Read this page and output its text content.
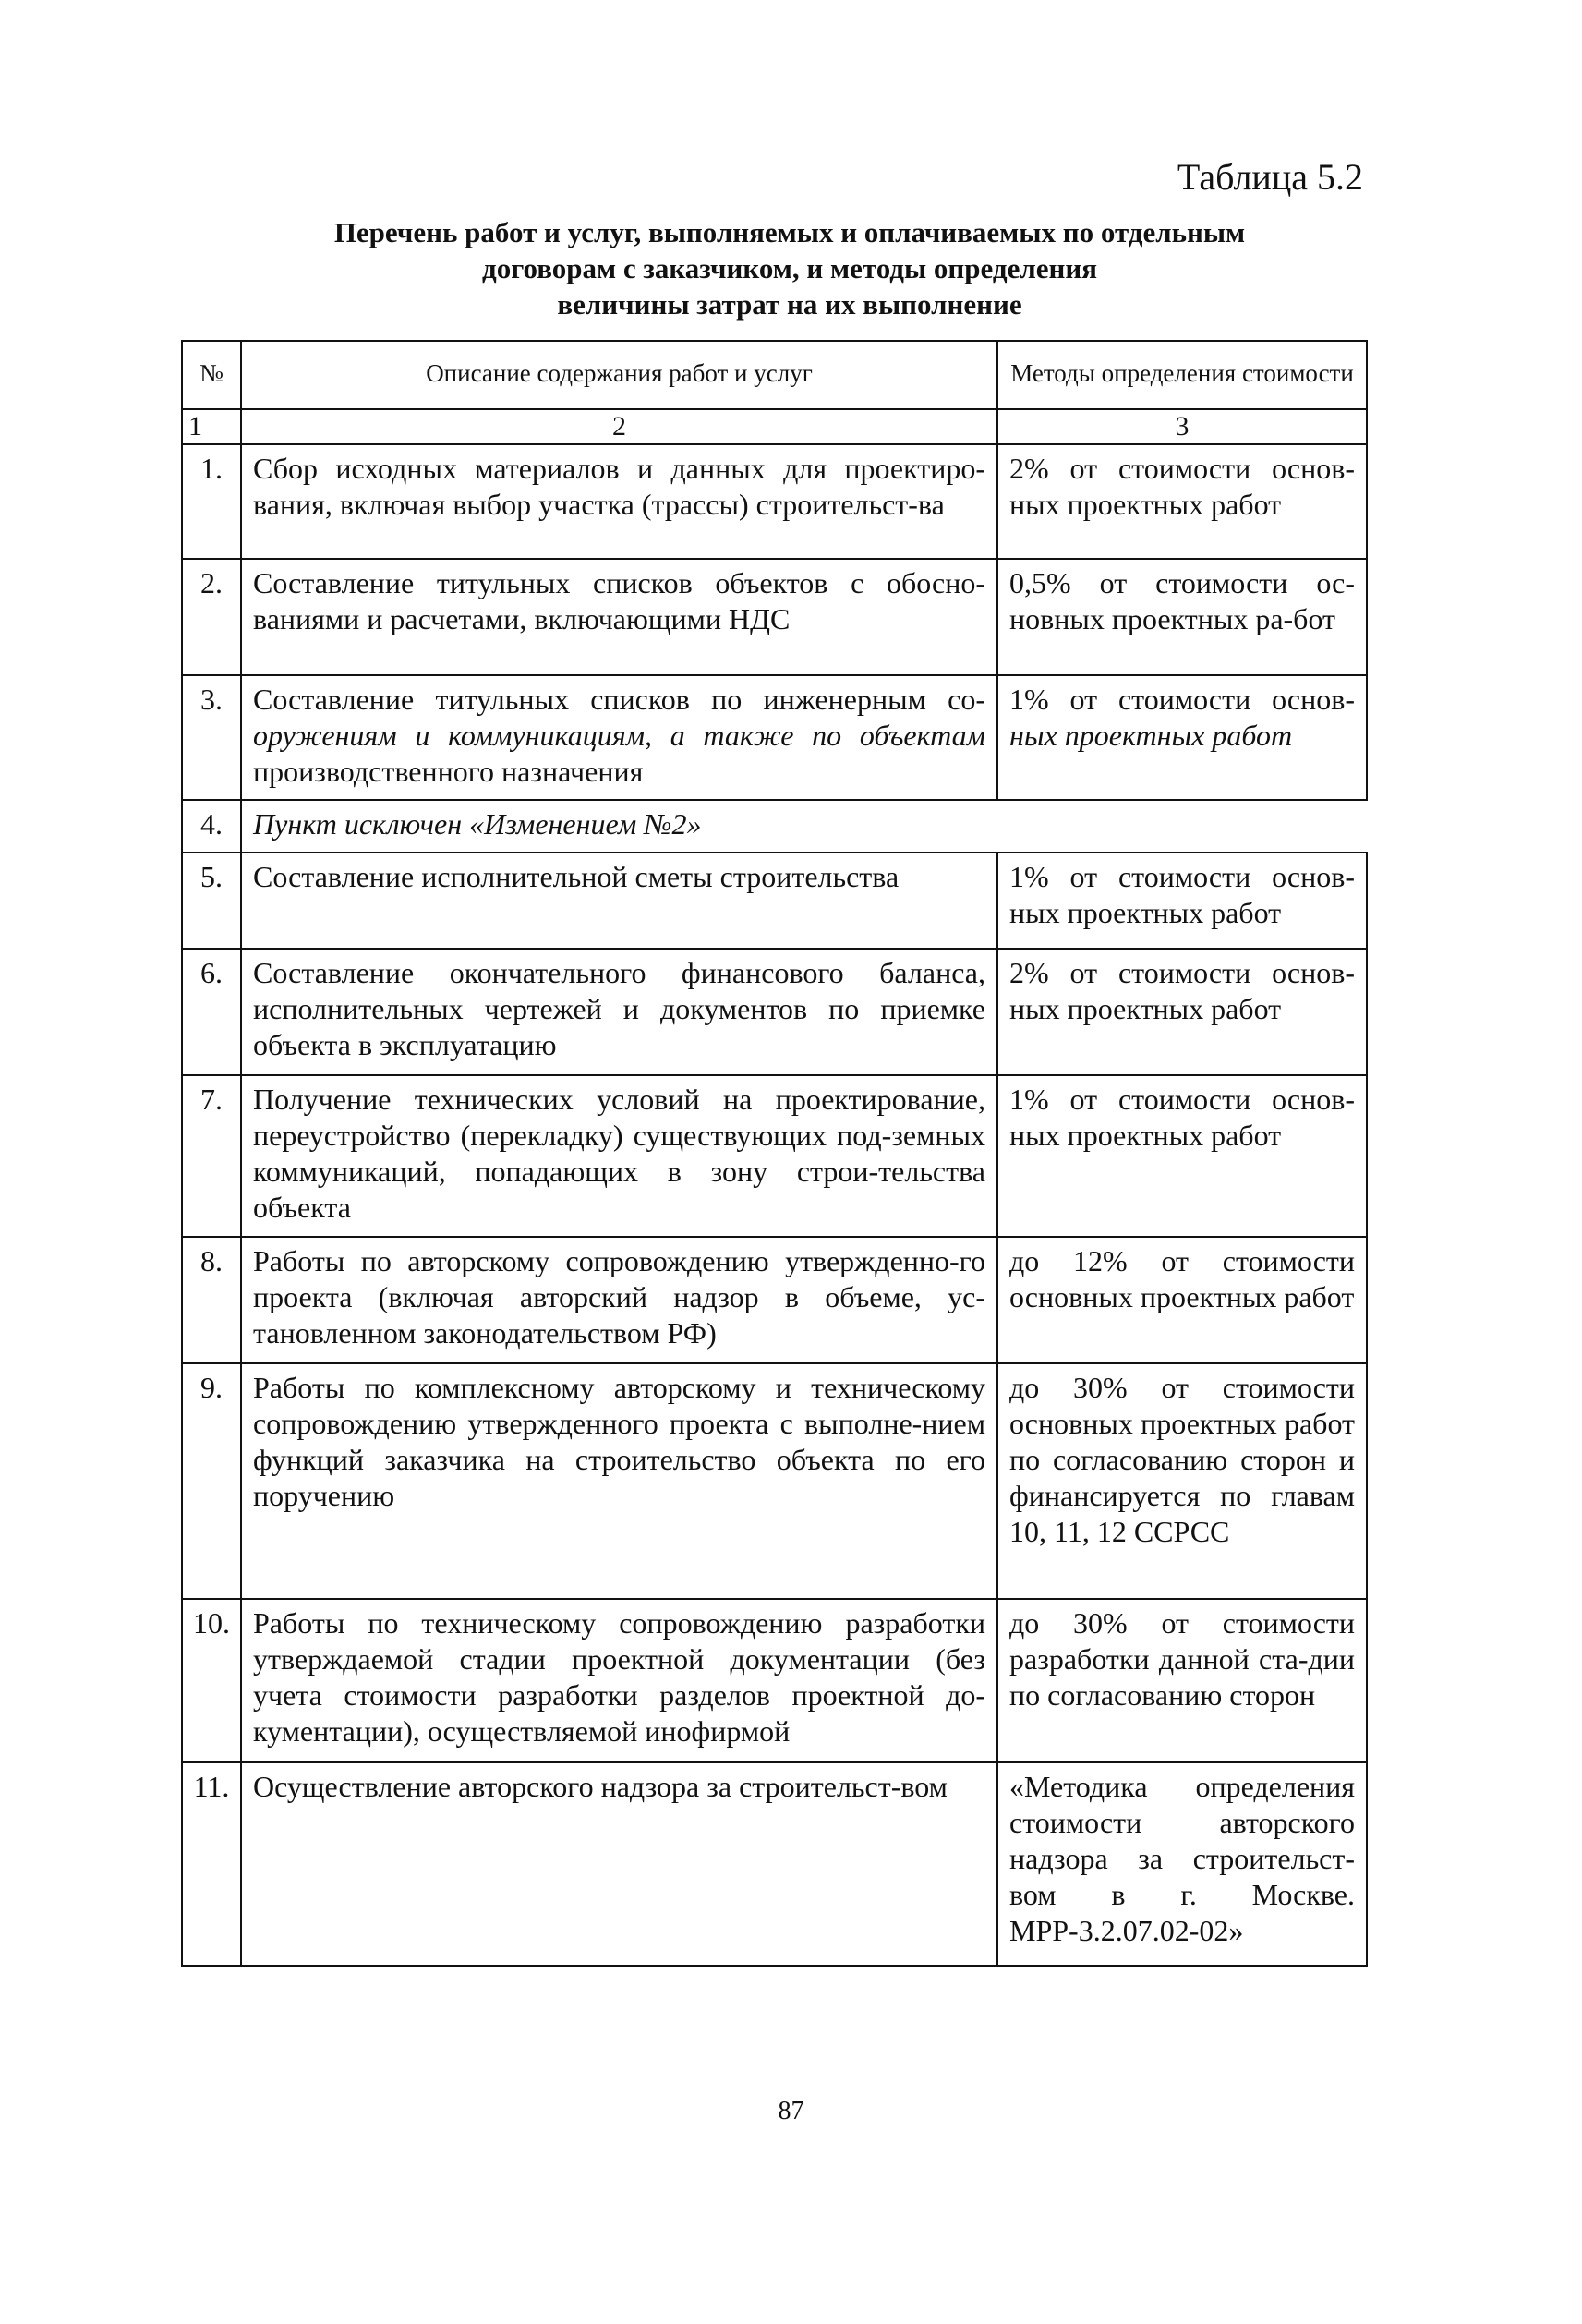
Таблица 5.2
Перечень работ и услуг, выполняемых и оплачиваемых по отдельным
договорам с заказчиком, и методы определения
величины затрат на их выполнение
№	Описание содержания работ и услуг	Методы определения стоимости
1	2	3
1.	Сбор исходных материалов и данных для проектиро-вания, включая выбор участка (трассы) строительст-ва	2% от стоимости основ-ных проектных работ
2.	Составление титульных списков объектов с обосно-ваниями и расчетами, включающими НДС	0,5% от стоимости ос-новных проектных ра-бот
3.	Составление титульных списков по инженерным со- оружениям и коммуникациям, а также по объектам производственного назначения	1% от стоимости основ- ных проектных работ
4.	Пункт исключен «Изменением №2»	
5.	Составление исполнительной сметы строительства	1% от стоимости основ-ных проектных работ
6.	Составление окончательного финансового баланса, исполнительных чертежей и документов по приемке объекта в эксплуатацию	2% от стоимости основ-ных проектных работ
7.	Получение технических условий на проектирование, переустройство (перекладку) существующих под-земных коммуникаций, попадающих в зону строи-тельства объекта	1% от стоимости основ-ных проектных работ
8.	Работы по авторскому сопровождению утвержденно-го проекта (включая авторский надзор в объеме, ус-тановленном законодательством РФ)	до 12% от стоимости основных проектных работ
9.	Работы по комплексному авторскому и техническому сопровождению утвержденного проекта с выполне-нием функций заказчика на строительство объекта по его поручению	до 30% от стоимости основных проектных работ по согласованию сторон и финансируется по главам 10, 11, 12 ССРСС
10.	Работы по техническому сопровождению разработки утверждаемой стадии проектной документации (без учета стоимости разработки разделов проектной до-кументации), осуществляемой инофирмой	до 30% от стоимости разработки данной ста-дии по согласованию сторон
11.	Осуществление авторского надзора за строительст-вом	«Методика определения стоимости авторского надзора за строительст-вом в г. Москве. МРР-3.2.07.02-02»
87
